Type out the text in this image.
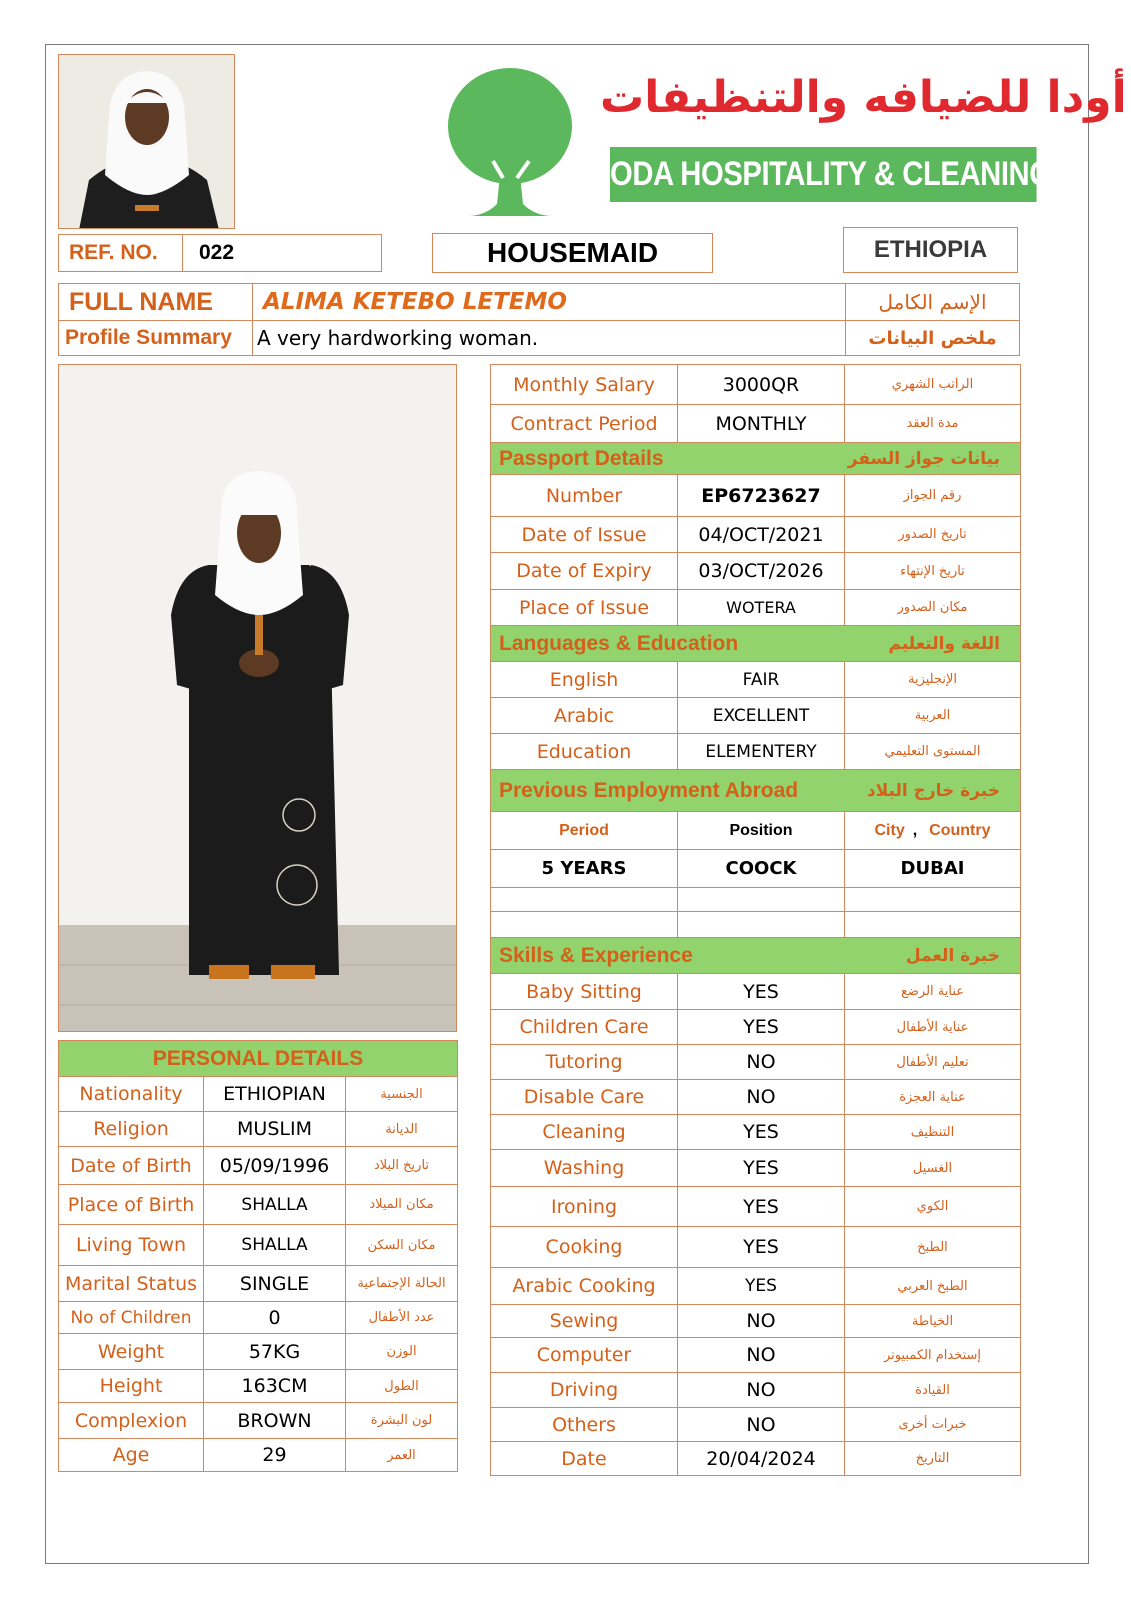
أودا للضيافه والتنظيفات
ODA HOSPITALITY & CLEANING
REF. NO.	022	HOUSEMAID	ETHIOPIA
FULL NAME	ALIMA KETEBO LETEMO	الإسم الكامل
Profile Summary A very hardworking woman.	ملخص البيانات
PERSONAL DETAILS		
Nationality	ETHIOPIAN	الجنسية
Religion	MUSLIM	الديانة
Date of Birth	05/09/1996	تاريخ البلاد
Place of Birth	SHALLA	مكان الميلاد
Living Town	SHALLA	مكان السكن
Marital Status	SINGLE	الحالة الإجتماعية
No of Children	0	عدد الأطفال
Weight	57KG	الوزن
Height	163CM	الطول
Complexion	BROWN	لون البشرة
Age	29	العمر
Monthly Salary	3000QR	الراتب الشهري
Contract Period	MONTHLY	مدة العقد

Passport Details بيانات جواز السفر		

Number	EP6723627	رقم الجواز
Date of Issue	04/OCT/2021	تاريخ الصدور
Date of Expiry	03/OCT/2026	تاريخ الإنتهاء
Place of Issue	WOTERA	مكان الصدور

Languages & Education اللغة والتعليم		

English	FAIR	الإنجليزية
Arabic	EXCELLENT	العربية
Education	ELEMENTERY	المستوى التعليمي

Previous Employment Abroad خبرة خارج البلاد		

Period	Position	City , Country
5 YEARS	COOCK	DUBAI

Skills & Experience خبرة العمل		

Baby Sitting	YES	عناية الرضع
Children Care	YES	عناية الأطفال
Tutoring	NO	تعليم الأطفال
Disable Care	NO	عناية العجزة
Cleaning	YES	التنظيف
Washing	YES	الغسيل
Ironing	YES	الكوي
Cooking	YES	الطبخ
Arabic Cooking	YES	الطبخ العربي
Sewing	NO	الخياطة
Computer	NO	إستخدام الكمبيوتر
Driving	NO	القيادة
Others	NO	خبرات أخرى
Date	20/04/2024	التاريخ
